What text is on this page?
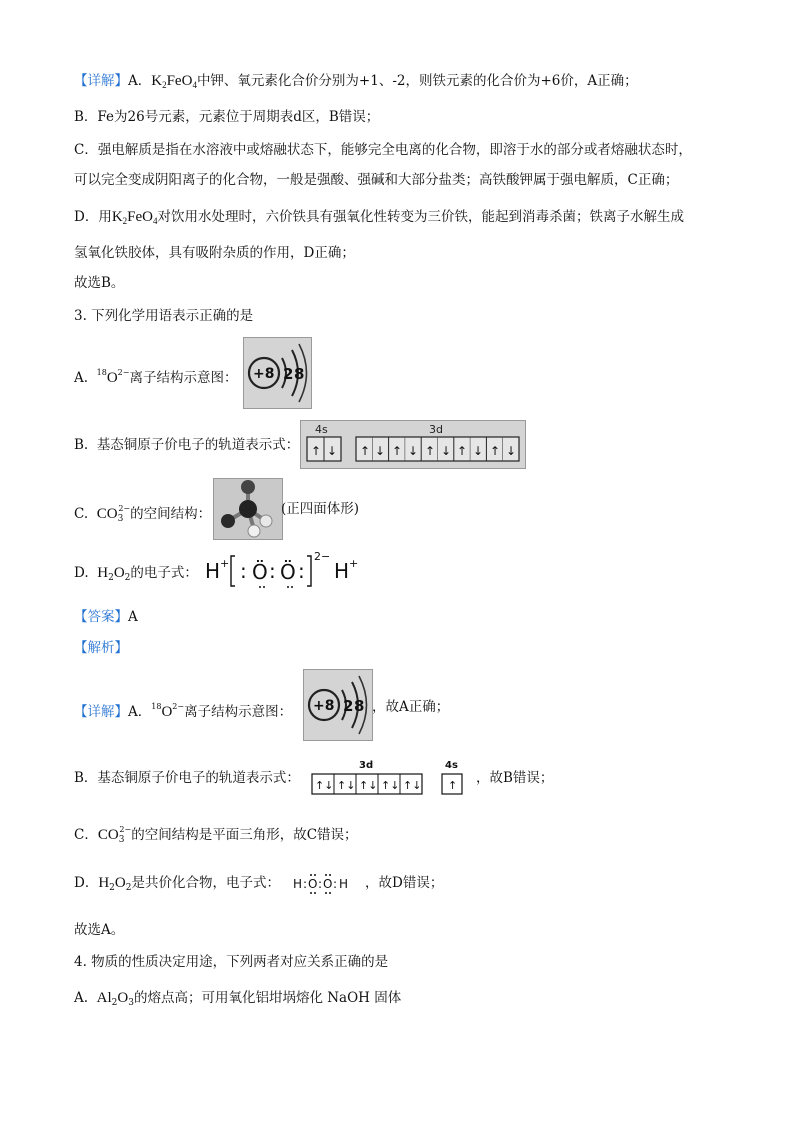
【详解】A．$K_2FeO_4$中钾、氧元素化合价分别为+1、-2，则铁元素的化合价为+6价，A正确；
B．Fe为26号元素，元素位于周期表d区，B错误；
C．强电解质是指在水溶液中或熔融状态下，能够完全电离的化合物，即溶于水的部分或者熔融状态时，
可以完全变成阴阳离子的化合物，一般是强酸、强碱和大部分盐类；高铁酸钾属于强电解质，C正确；
D．用$K_2FeO_4$对饮用水处理时，六价铁具有强氧化性转变为三价铁，能起到消毒杀菌；铁离子水解生成
氢氧化铁胶体，具有吸附杂质的作用，D正确；
故选B。
3. 下列化学用语表示正确的是
A. $^{18}O^{2-}$离子结构示意图： +8 2 8
B. 基态铜原子价电子的轨道表示式：
4s	3d
↑ ↓ ↑ ↓ ↑ ↓ ↑ ↓ ↑ ↓ ↑ ↓
C. $CO_3^{2-}$的空间结构：	(正四面体形)
D. $H_2O_2$的电子式： H + : Ö : Ö :
2−
H +
【答案】A
【解析】
【详解】A．$^{18}O^{2-}$离子结构示意图： +8 2 8 ，故A正确；
B．基态铜原子价电子的轨道表示式：
3d
↑↓ ↑↓ ↑↓ ↑↓ ↑↓
4s
↑ ，故B错误；
C．$CO_3^{2-}$的空间结构是平面三角形，故C错误；
D．$H_2O_2$是共价化合物，电子式： H : O : O : H ，故D错误；
故选A。
4. 物质的性质决定用途，下列两者对应关系正确的是
A. $Al_2O_3$的熔点高；可用氧化铝坩埚熔化 NaOH 固体
